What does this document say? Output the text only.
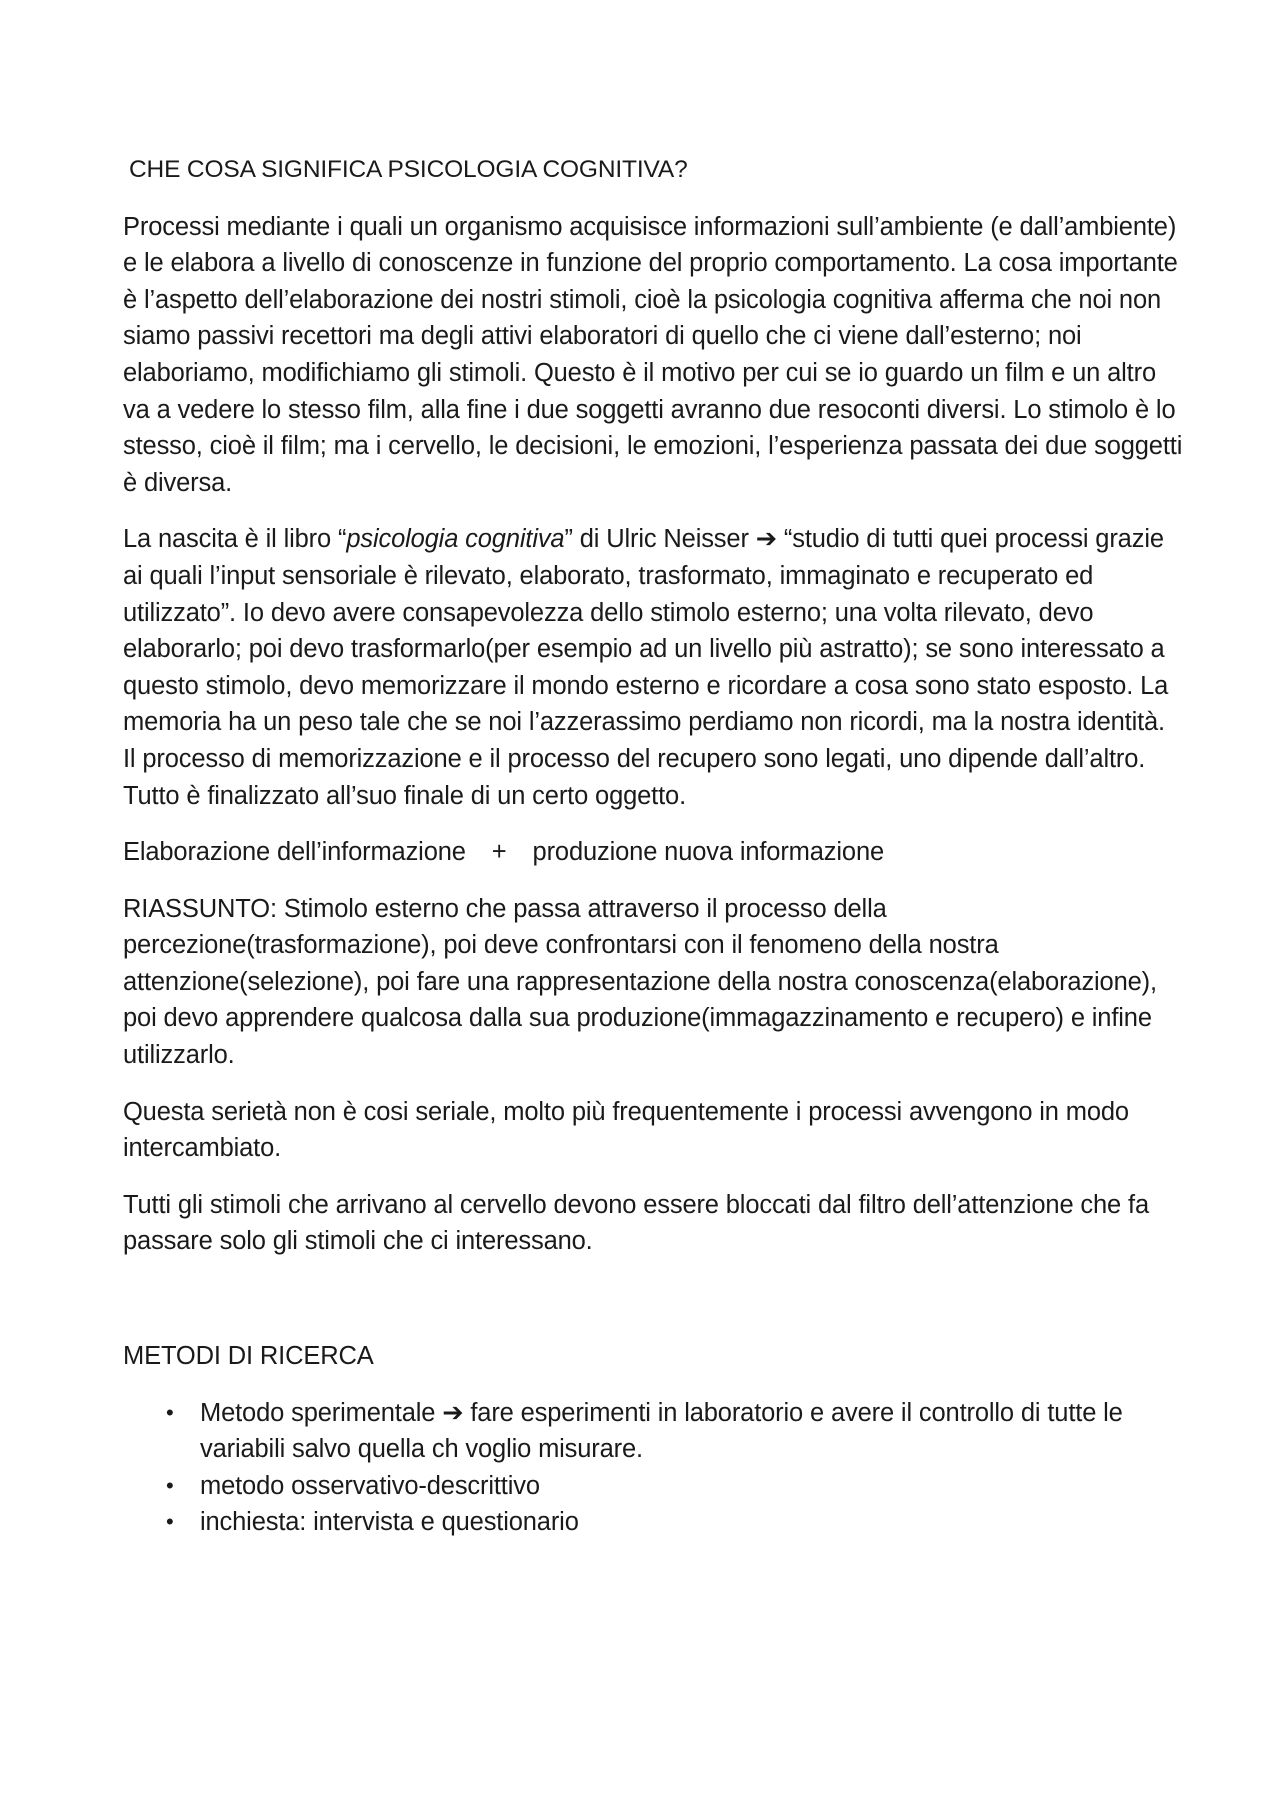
CHE COSA SIGNIFICA PSICOLOGIA COGNITIVA?

Processi mediante i quali un organismo acquisisce informazioni sull’ambiente (e dall’ambiente) e le elabora a livello di conoscenze in funzione del proprio comportamento. La cosa importante è l’aspetto dell’elaborazione dei nostri stimoli, cioè la psicologia cognitiva afferma che noi non siamo passivi recettori ma degli attivi elaboratori di quello che ci viene dall’esterno; noi elaboriamo, modifichiamo gli stimoli. Questo è il motivo per cui se io guardo un film e un altro va a vedere lo stesso film, alla fine i due soggetti avranno due resoconti diversi. Lo stimolo è lo stesso, cioè il film; ma i cervello, le decisioni, le emozioni, l’esperienza passata dei due soggetti è diversa.

La nascita è il libro “psicologia cognitiva” di Ulric Neisser ➔ “studio di tutti quei processi grazie ai quali l’input sensoriale è rilevato, elaborato, trasformato, immaginato e recuperato ed utilizzato”. Io devo avere consapevolezza dello stimolo esterno; una volta rilevato, devo elaborarlo; poi devo trasformarlo(per esempio ad un livello più astratto); se sono interessato a questo stimolo, devo memorizzare il mondo esterno e ricordare a cosa sono stato esposto. La memoria ha un peso tale che se noi l’azzerassimo perdiamo non ricordi, ma la nostra identità. Il processo di memorizzazione e il processo del recupero sono legati, uno dipende dall’altro. Tutto è finalizzato all’suo finale di un certo oggetto.

Elaborazione dell’informazione + produzione nuova informazione

RIASSUNTO: Stimolo esterno che passa attraverso il processo della percezione(trasformazione), poi deve confrontarsi con il fenomeno della nostra attenzione(selezione), poi fare una rappresentazione della nostra conoscenza(elaborazione), poi devo apprendere qualcosa dalla sua produzione(immagazzinamento e recupero) e infine utilizzarlo.

Questa serietà non è cosi seriale, molto più frequentemente i processi avvengono in modo intercambiato.

Tutti gli stimoli che arrivano al cervello devono essere bloccati dal filtro dell’attenzione che fa passare solo gli stimoli che ci interessano.

METODI DI RICERCA

• Metodo sperimentale ➔ fare esperimenti in laboratorio e avere il controllo di tutte le variabili salvo quella ch voglio misurare.
• metodo osservativo-descrittivo
• inchiesta: intervista e questionario
